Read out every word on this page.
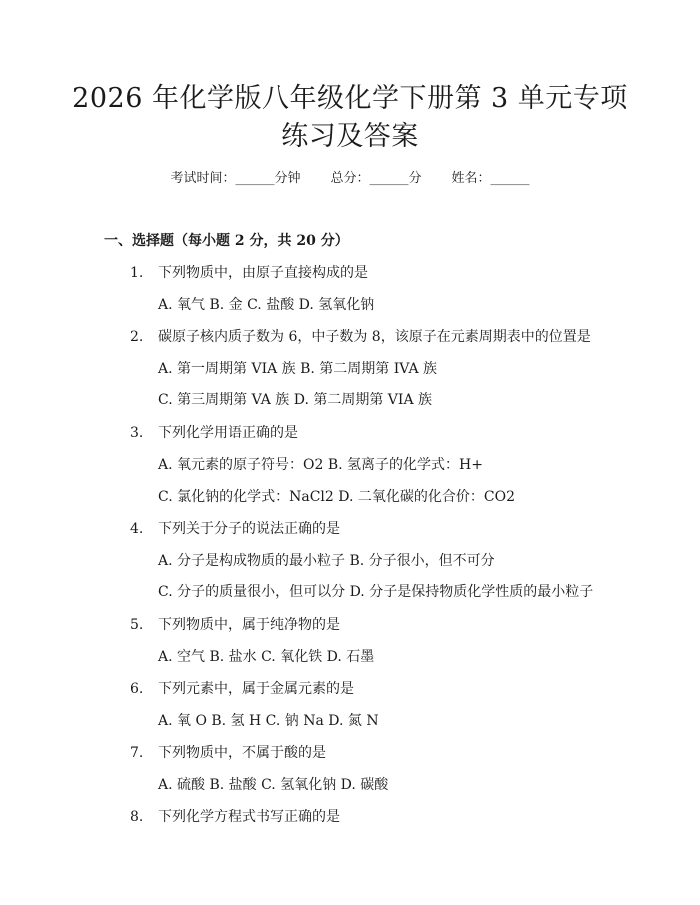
2026 年化学版八年级化学下册第 3 单元专项
练习及答案
考试时间：______分钟 总分：______分 姓名：______
一、选择题（每小题 2 分，共 20 分）
1. 下列物质中，由原子直接构成的是
A. 氧气 B. 金 C. 盐酸 D. 氢氧化钠
2. 碳原子核内质子数为 6，中子数为 8，该原子在元素周期表中的位置是
A. 第一周期第 VIA 族 B. 第二周期第 IVA 族
C. 第三周期第 VA 族 D. 第二周期第 VIA 族
3. 下列化学用语正确的是
A. 氧元素的原子符号：O2 B. 氢离子的化学式：H+
C. 氯化钠的化学式：NaCl2 D. 二氧化碳的化合价：CO2
4. 下列关于分子的说法正确的是
A. 分子是构成物质的最小粒子 B. 分子很小，但不可分
C. 分子的质量很小，但可以分 D. 分子是保持物质化学性质的最小粒子
5. 下列物质中，属于纯净物的是
A. 空气 B. 盐水 C. 氧化铁 D. 石墨
6. 下列元素中，属于金属元素的是
A. 氧 O B. 氢 H C. 钠 Na D. 氮 N
7. 下列物质中，不属于酸的是
A. 硫酸 B. 盐酸 C. 氢氧化钠 D. 碳酸
8. 下列化学方程式书写正确的是
